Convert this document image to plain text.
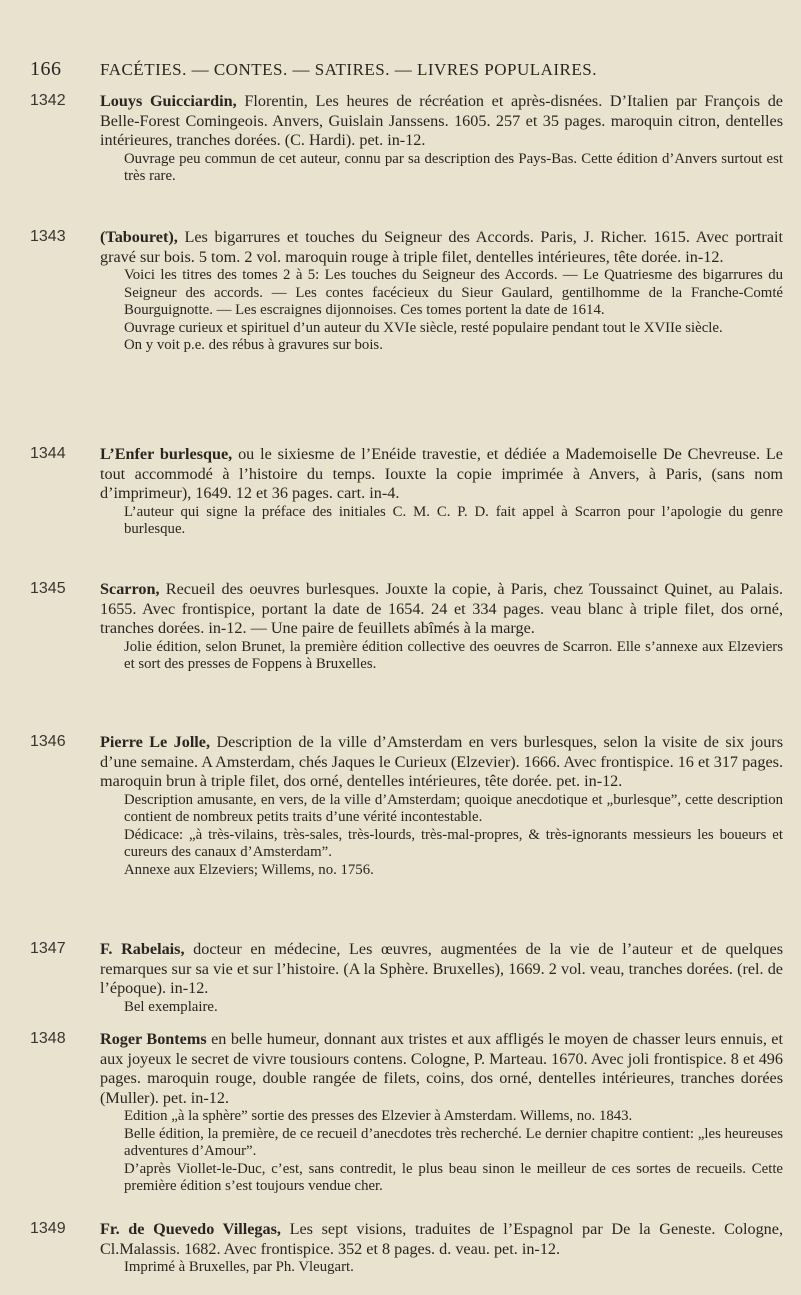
166 FACÉTIES. — CONTES. — SATIRES. — LIVRES POPULAIRES.
1342 Louys Guicciardin, Florentin, Les heures de récréation et après-disnées. D’Italien par François de Belle-Forest Comingeois. Anvers, Guislain Janssens. 1605. 257 et 35 pages. maroquin citron, dentelles intérieures, tranches dorées. (C. Hardi). pet. in-12.
Ouvrage peu commun de cet auteur, connu par sa description des Pays-Bas. Cette édition d’Anvers surtout est très rare.
1343 (Tabouret), Les bigarrures et touches du Seigneur des Accords. Paris, J. Richer. 1615. Avec portrait gravé sur bois. 5 tom. 2 vol. maroquin rouge à triple filet, dentelles intérieures, tête dorée. in-12.
Voici les titres des tomes 2 à 5: Les touches du Seigneur des Accords. — Le Quatriesme des bigarrures du Seigneur des accords. — Les contes facécieux du Sieur Gaulard, gentilhomme de la Franche-Comté Bourguignotte. — Les escraignes dijonnoises. Ces tomes portent la date de 1614.
Ouvrage curieux et spirituel d’un auteur du XVIe siècle, resté populaire pendant tout le XVIIe siècle.
On y voit p.e. des rébus à gravures sur bois.
1344 L’Enfer burlesque, ou le sixiesme de l’Enéide travestie, et dédiée a Mademoiselle De Chevreuse. Le tout accommodé à l’histoire du temps. Iouxte la copie imprimée à Anvers, à Paris, (sans nom d’imprimeur), 1649. 12 et 36 pages. cart. in-4.
L’auteur qui signe la préface des initiales C. M. C. P. D. fait appel à Scarron pour l’apologie du genre burlesque.
1345 Scarron, Recueil des oeuvres burlesques. Jouxte la copie, à Paris, chez Toussainct Quinet, au Palais. 1655. Avec frontispice, portant la date de 1654. 24 et 334 pages. veau blanc à triple filet, dos orné, tranches dorées. in-12. — Une paire de feuillets abîmés à la marge.
Jolie édition, selon Brunet, la première édition collective des oeuvres de Scarron. Elle s’annexe aux Elzeviers et sort des presses de Foppens à Bruxelles.
1346 Pierre Le Jolle, Description de la ville d’Amsterdam en vers burlesques, selon la visite de six jours d’une semaine. A Amsterdam, chés Jaques le Curieux (Elzevier). 1666. Avec frontispice. 16 et 317 pages. maroquin brun à triple filet, dos orné, dentelles intérieures, tête dorée. pet. in-12.
Description amusante, en vers, de la ville d’Amsterdam; quoique anecdotique et „burlesque”, cette description contient de nombreux petits traits d’une vérité incontestable.
Dédicace: „à très-vilains, très-sales, très-lourds, très-mal-propres, & très-ignorants messieurs les boueurs et cureurs des canaux d’Amsterdam”.
Annexe aux Elzeviers; Willems, no. 1756.
1347 F. Rabelais, docteur en médecine, Les œuvres, augmentées de la vie de l’auteur et de quelques remarques sur sa vie et sur l’histoire. (A la Sphère. Bruxelles), 1669. 2 vol. veau, tranches dorées. (rel. de l’époque). in-12.
Bel exemplaire.
1348 Roger Bontems en belle humeur, donnant aux tristes et aux affligés le moyen de chasser leurs ennuis, et aux joyeux le secret de vivre tousiours contens. Cologne, P. Marteau. 1670. Avec joli frontispice. 8 et 496 pages. maroquin rouge, double rangée de filets, coins, dos orné, dentelles intérieures, tranches dorées (Muller). pet. in-12.
Edition „à la sphère” sortie des presses des Elzevier à Amsterdam. Willems, no. 1843.
Belle édition, la première, de ce recueil d’anecdotes très recherché. Le dernier chapitre contient: „les heureuses adventures d’Amour”.
D’après Viollet-le-Duc, c’est, sans contredit, le plus beau sinon le meilleur de ces sortes de recueils. Cette première édition s’est toujours vendue cher.
1349 Fr. de Quevedo Villegas, Les sept visions, traduites de l’Espagnol par De la Geneste. Cologne, Cl.Malassis. 1682. Avec frontispice. 352 et 8 pages. d. veau. pet. in-12.
Imprimé à Bruxelles, par Ph. Vleugart.
